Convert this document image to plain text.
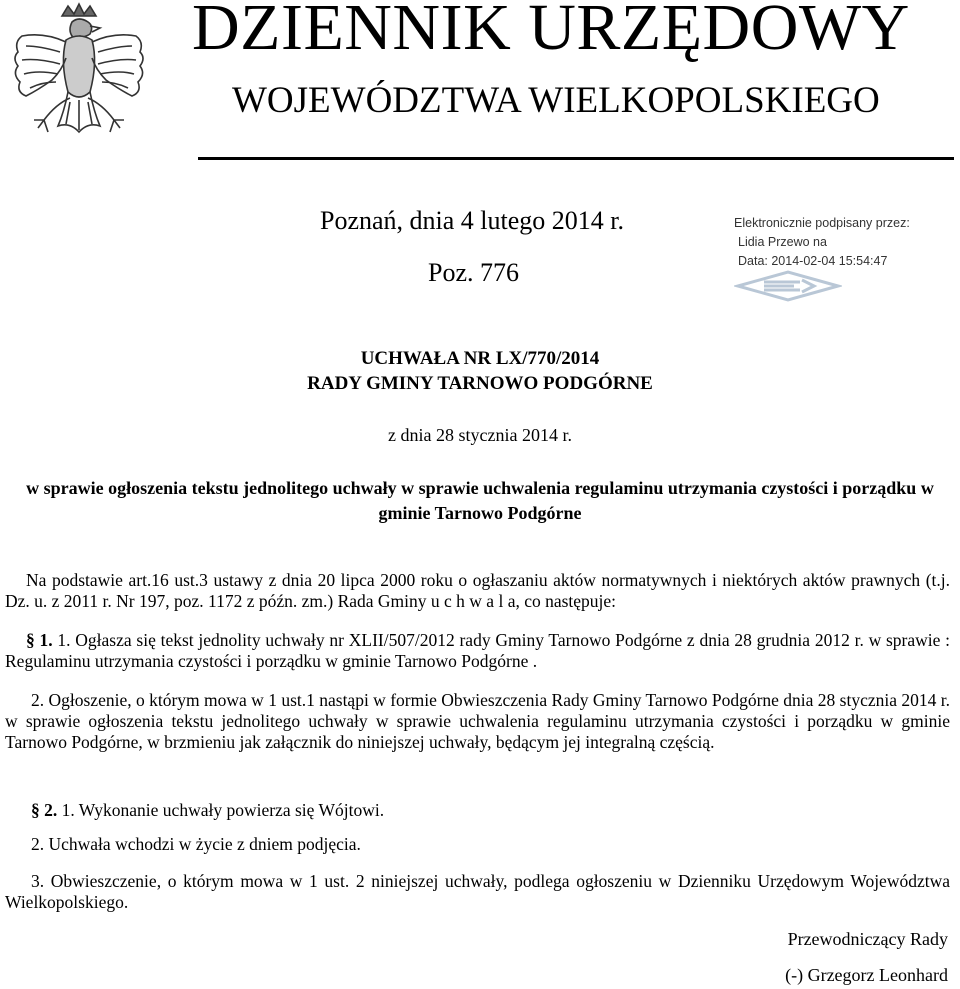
DZIENNIK URZĘDOWY
WOJEWÓDZTWA WIELKOPOLSKIEGO
Poznań, dnia 4 lutego 2014 r.
Poz. 776
Elektronicznie podpisany przez:
Lidia Przewo na
Data: 2014-02-04 15:54:47
UCHWAŁA NR LX/770/2014
RADY GMINY TARNOWO PODGÓRNE
z dnia 28 stycznia 2014 r.
w sprawie ogłoszenia tekstu jednolitego uchwały w sprawie uchwalenia regulaminu utrzymania czystości i porządku w gminie Tarnowo Podgórne
Na podstawie art.16 ust.3 ustawy z dnia 20 lipca 2000 roku o ogłaszaniu aktów normatywnych i niektórych aktów prawnych (t.j. Dz. u. z 2011 r. Nr 197, poz. 1172 z późn. zm.) Rada Gminy u c h w a l a, co następuje:
§ 1. 1. Ogłasza się tekst jednolity uchwały nr XLII/507/2012 rady Gminy Tarnowo Podgórne z dnia 28 grudnia 2012 r. w sprawie : Regulaminu utrzymania czystości i porządku w gminie Tarnowo Podgórne .
2. Ogłoszenie, o którym mowa w 1 ust.1 nastąpi w formie Obwieszczenia Rady Gminy Tarnowo Podgórne dnia 28 stycznia 2014 r. w sprawie ogłoszenia tekstu jednolitego uchwały w sprawie uchwalenia regulaminu utrzymania czystości i porządku w gminie Tarnowo Podgórne, w brzmieniu jak załącznik do niniejszej uchwały, będącym jej integralną częścią.
§ 2. 1. Wykonanie uchwały powierza się Wójtowi.
2. Uchwała wchodzi w życie z dniem podjęcia.
3. Obwieszczenie, o którym mowa w 1 ust. 2 niniejszej uchwały, podlega ogłoszeniu w Dzienniku Urzędowym Województwa Wielkopolskiego.
Przewodniczący Rady
(-) Grzegorz Leonhard
